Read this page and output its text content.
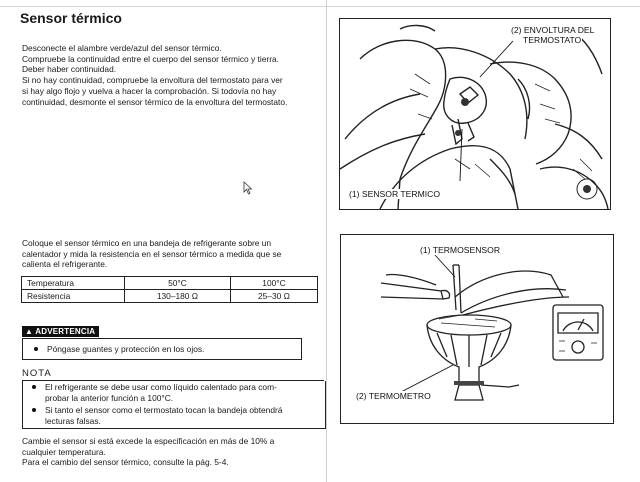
Sensor térmico
Desconecte el alambre verde/azul del sensor térmico.
Compruebe la continuidad entre el cuerpo del sensor térmico y tierra.
Deber haber continuidad.
Si no hay continuidad, compruebe la envoltura del termostato para ver
si hay algo flojo y vuelva a hacer la comprobación. Si todovía no hay
continuidad, desmonte el sensor térmico de la envoltura del termostato.
(2) ENVOLTURA DEL
TERMOSTATO
(1) SENSOR TERMICO
Coloque el sensor térmico en una bandeja de refrigerante sobre un
calentador y mida la resistencia en el sensor térmico a medida que se
calienta el refrigerante.
Temperatura	50°C	100°C
Resistencia	130–180 Ω	25–30 Ω
▲ ADVERTENCIA
Póngase guantes y protección en los ojos.
NOTA
El refrigerante se debe usar como líquido calentado para com-
probar la anterior función a 100°C.
Si tanto el sensor como el termostato tocan la bandeja obtendrá
lecturas falsas.
Cambie el sensor si está excede la especificación en más de 10% a
cualquier temperatura.
Para el cambio del sensor térmico, consulte la pág. 5-4.
(1) TERMOSENSOR
(2) TERMOMETRO
